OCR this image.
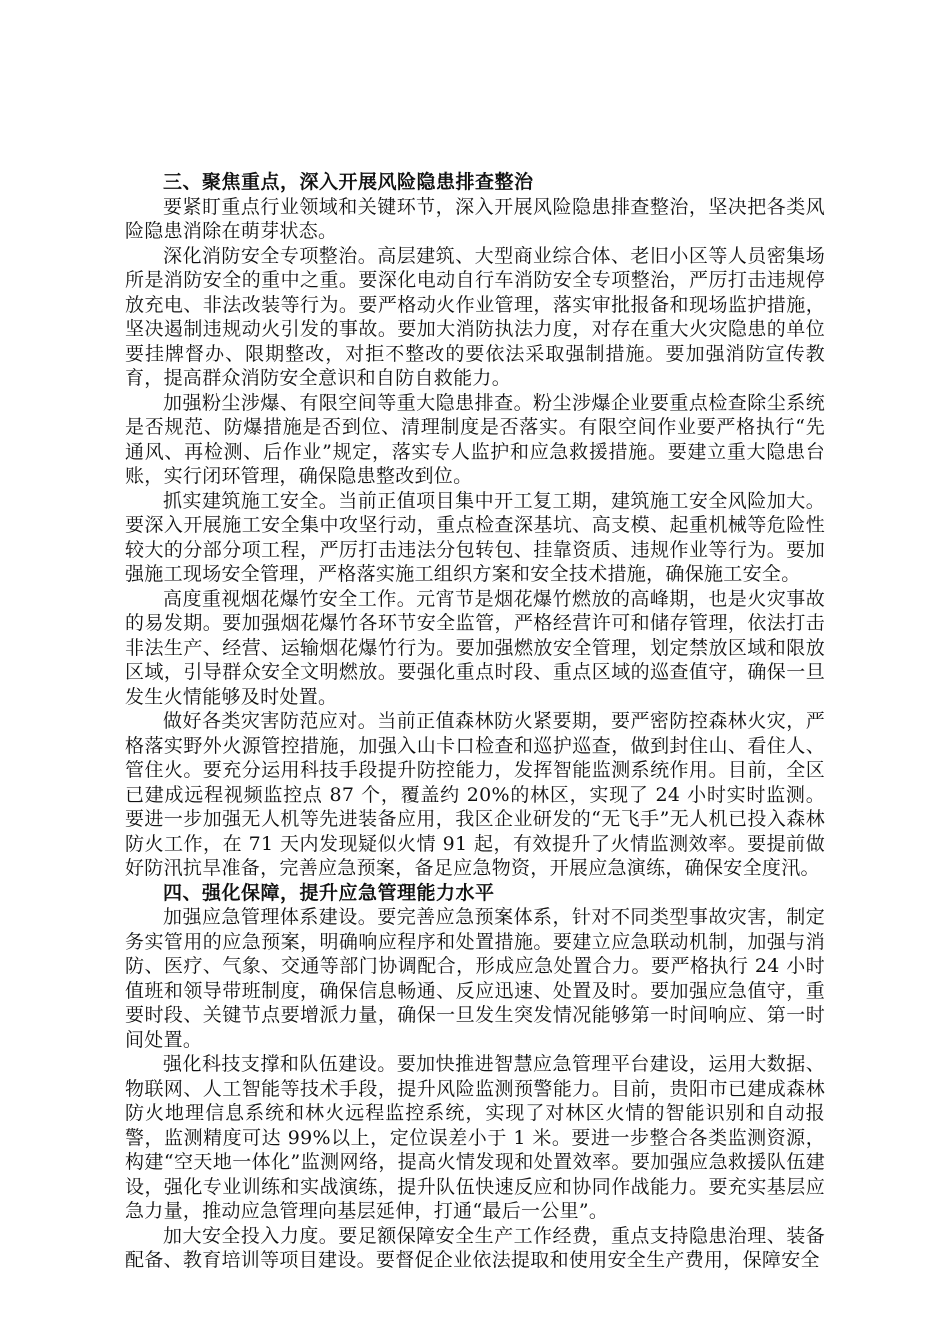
三、聚焦重点，深入开展风险隐患排查整治

要紧盯重点行业领域和关键环节，深入开展风险隐患排查整治，坚决把各类风险隐患消除在萌芽状态。

深化消防安全专项整治。高层建筑、大型商业综合体、老旧小区等人员密集场所是消防安全的重中之重。要深化电动自行车消防安全专项整治，严厉打击违规停放充电、非法改装等行为。要严格动火作业管理，落实审批报备和现场监护措施，坚决遏制违规动火引发的事故。要加大消防执法力度，对存在重大火灾隐患的单位要挂牌督办、限期整改，对拒不整改的要依法采取强制措施。要加强消防宣传教育，提高群众消防安全意识和自防自救能力。

加强粉尘涉爆、有限空间等重大隐患排查。粉尘涉爆企业要重点检查除尘系统是否规范、防爆措施是否到位、清理制度是否落实。有限空间作业要严格执行“先通风、再检测、后作业”规定，落实专人监护和应急救援措施。要建立重大隐患台账，实行闭环管理，确保隐患整改到位。

抓实建筑施工安全。当前正值项目集中开工复工期，建筑施工安全风险加大。要深入开展施工安全集中攻坚行动，重点检查深基坑、高支模、起重机械等危险性较大的分部分项工程，严厉打击违法分包转包、挂靠资质、违规作业等行为。要加强施工现场安全管理，严格落实施工组织方案和安全技术措施，确保施工安全。

高度重视烟花爆竹安全工作。元宵节是烟花爆竹燃放的高峰期，也是火灾事故的易发期。要加强烟花爆竹各环节安全监管，严格经营许可和储存管理，依法打击非法生产、经营、运输烟花爆竹行为。要加强燃放安全管理，划定禁放区域和限放区域，引导群众安全文明燃放。要强化重点时段、重点区域的巡查值守，确保一旦发生火情能够及时处置。

做好各类灾害防范应对。当前正值森林防火紧要期，要严密防控森林火灾，严格落实野外火源管控措施，加强入山卡口检查和巡护巡查，做到封住山、看住人、管住火。要充分运用科技手段提升防控能力，发挥智能监测系统作用。目前，全区已建成远程视频监控点 87 个，覆盖约 20%的林区，实现了 24 小时实时监测。要进一步加强无人机等先进装备应用，我区企业研发的“无飞手”无人机已投入森林防火工作，在 71 天内发现疑似火情 91 起，有效提升了火情监测效率。要提前做好防汛抗旱准备，完善应急预案，备足应急物资，开展应急演练，确保安全度汛。

四、强化保障，提升应急管理能力水平

加强应急管理体系建设。要完善应急预案体系，针对不同类型事故灾害，制定务实管用的应急预案，明确响应程序和处置措施。要建立应急联动机制，加强与消防、医疗、气象、交通等部门协调配合，形成应急处置合力。要严格执行 24 小时值班和领导带班制度，确保信息畅通、反应迅速、处置及时。要加强应急值守，重要时段、关键节点要增派力量，确保一旦发生突发情况能够第一时间响应、第一时间处置。

强化科技支撑和队伍建设。要加快推进智慧应急管理平台建设，运用大数据、物联网、人工智能等技术手段，提升风险监测预警能力。目前，贵阳市已建成森林防火地理信息系统和林火远程监控系统，实现了对林区火情的智能识别和自动报警，监测精度可达 99%以上，定位误差小于 1 米。要进一步整合各类监测资源，构建“空天地一体化”监测网络，提高火情发现和处置效率。要加强应急救援队伍建设，强化专业训练和实战演练，提升队伍快速反应和协同作战能力。要充实基层应急力量，推动应急管理向基层延伸，打通“最后一公里”。

加大安全投入力度。要足额保障安全生产工作经费，重点支持隐患治理、装备配备、教育培训等项目建设。要督促企业依法提取和使用安全生产费用，保障安全
